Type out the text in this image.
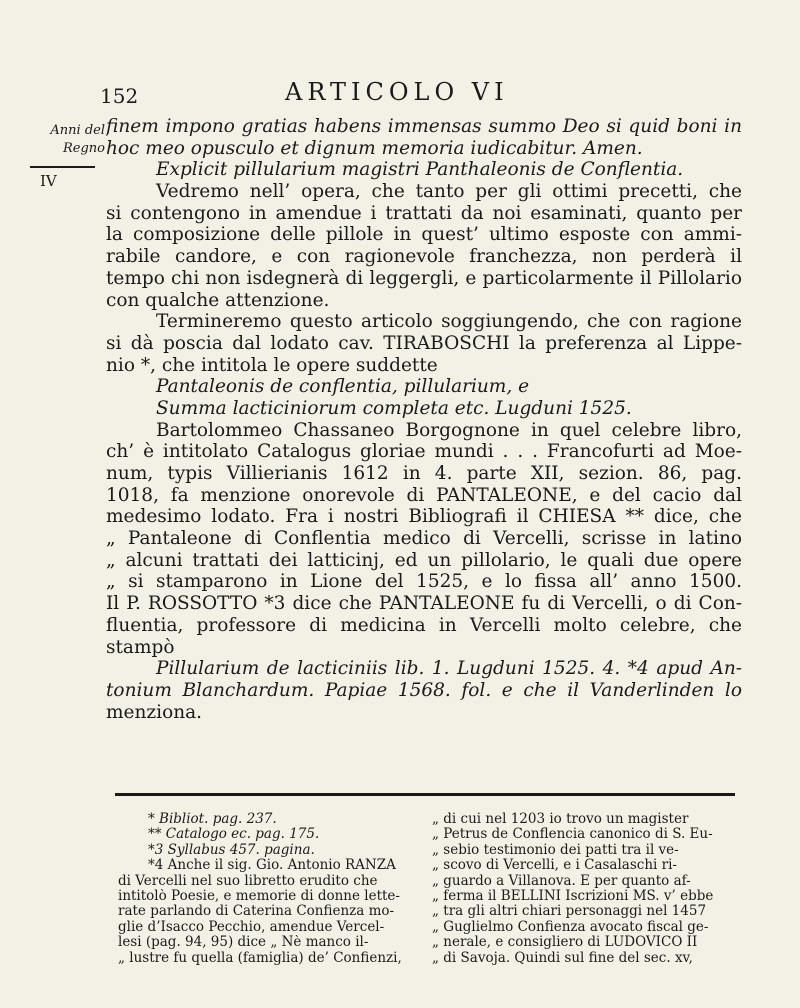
152	ARTICOLO VI
Anni del Regno
IV
finem impono gratias habens immensas summo Deo si quid boni in
hoc meo opusculo et dignum memoria iudicabitur. Amen.
Explicit pillularium magistri Panthaleonis de Conflentia.
Vedremo nell’ opera, che tanto per gli ottimi precetti, che
si contengono in amendue i trattati da noi esaminati, quanto per
la composizione delle pillole in quest’ ultimo esposte con ammi-
rabile candore, e con ragionevole franchezza, non perderà il
tempo chi non isdegnerà di leggergli, e particolarmente il Pillolario
con qualche attenzione.
Termineremo questo articolo soggiungendo, che con ragione
si dà poscia dal lodato cav. TIRABOSCHI la preferenza al Lippe-
nio *, che intitola le opere suddette
Pantaleonis de conflentia, pillularium, e
Summa lacticiniorum completa etc. Lugduni 1525.
Bartolommeo Chassaneo Borgognone in quel celebre libro,
ch’ è intitolato Catalogus gloriae mundi . . . Francofurti ad Moe-
num, typis Villierianis 1612 in 4. parte XII, sezion. 86, pag.
1018, fa menzione onorevole di PANTALEONE, e del cacio dal
medesimo lodato. Fra i nostri Bibliografi il CHIESA ** dice, che
„ Pantaleone di Conflentia medico di Vercelli, scrisse in latino
„ alcuni trattati dei latticinj, ed un pillolario, le quali due opere
„ si stamparono in Lione del 1525, e lo fissa all’ anno 1500.
Il P. ROSSOTTO *3 dice che PANTALEONE fu di Vercelli, o di Con-
fluentia, professore di medicina in Vercelli molto celebre, che
stampò
Pillularium de lacticiniis lib. 1. Lugduni 1525. 4. *4 apud An-
tonium Blanchardum. Papiae 1568. fol. e che il Vanderlinden lo
menziona.
* Bibliot. pag. 237.
** Catalogo ec. pag. 175.
*3 Syllabus 457. pagina.
*4 Anche il sig. Gio. Antonio RANZA
di Vercelli nel suo libretto erudito che
intitolò Poesie, e memorie di donne lette-
rate parlando di Caterina Confienza mo-
glie d’Isacco Pecchio, amendue Vercel-
lesi (pag. 94, 95) dice „ Nè manco il-
„ lustre fu quella (famiglia) de’ Confienzi,
„ di cui nel 1203 io trovo un magister
„ Petrus de Conflencia canonico di S. Eu-
„ sebio testimonio dei patti tra il ve-
„ scovo di Vercelli, e i Casalaschi ri-
„ guardo a Villanova. E per quanto af-
„ ferma il BELLINI Iscrizioni MS. v’ ebbe
„ tra gli altri chiari personaggi nel 1457
„ Guglielmo Confienza avocato fiscal ge-
„ nerale, e consigliero di LUDOVICO II
„ di Savoja. Quindi sul fine del sec. xv,
